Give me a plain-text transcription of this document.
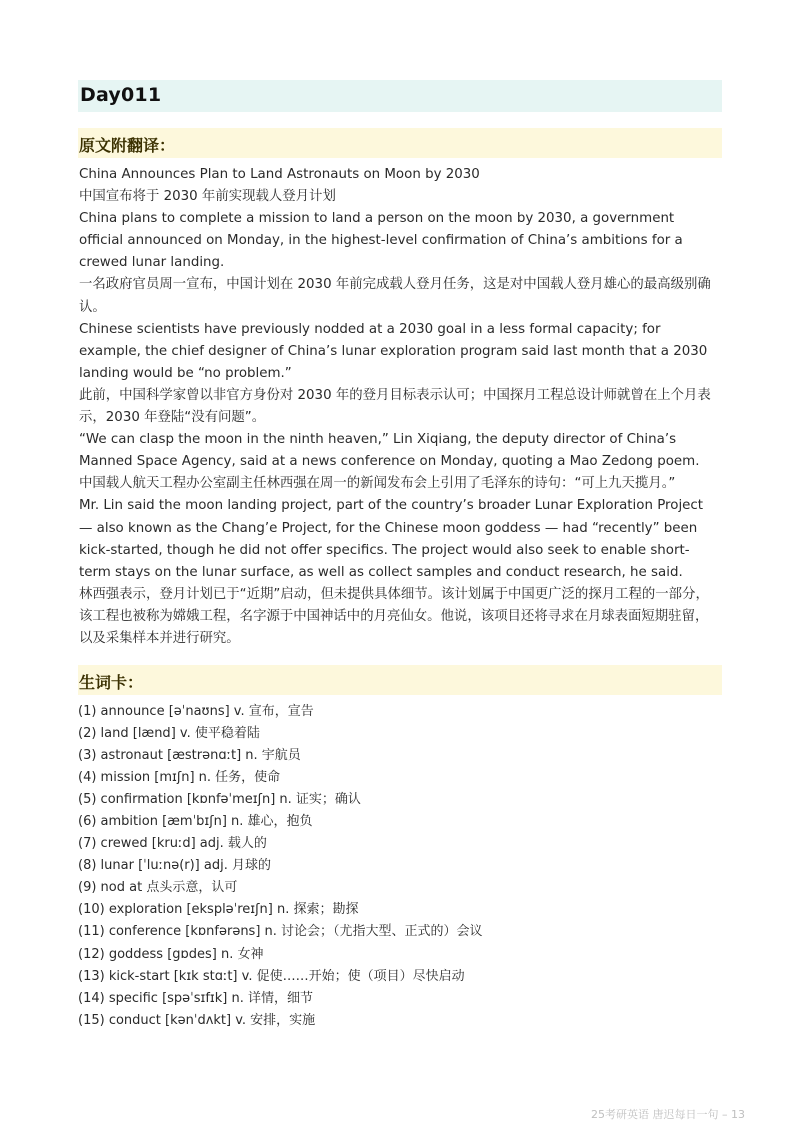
Day011
原文附翻译：

China Announces Plan to Land Astronauts on Moon by 2030

中国宣布将于 2030 年前实现载人登月计划

China plans to complete a mission to land a person on the moon by 2030, a government official announced on Monday, in the highest-level confirmation of China’s ambitions for a crewed lunar landing.

一名政府官员周一宣布，中国计划在 2030 年前完成载人登月任务，这是对中国载人登月雄心的最高级别确认。

Chinese scientists have previously nodded at a 2030 goal in a less formal capacity; for example, the chief designer of China’s lunar exploration program said last month that a 2030 landing would be “no problem.”

此前，中国科学家曾以非官方身份对 2030 年的登月目标表示认可；中国探月工程总设计师就曾在上个月表示，2030 年登陆“没有问题”。

“We can clasp the moon in the ninth heaven,” Lin Xiqiang, the deputy director of China’s Manned Space Agency, said at a news conference on Monday, quoting a Mao Zedong poem.

中国载人航天工程办公室副主任林西强在周一的新闻发布会上引用了毛泽东的诗句：“可上九天揽月。”

Mr. Lin said the moon landing project, part of the country’s broader Lunar Exploration Project — also known as the Chang’e Project, for the Chinese moon goddess — had “recently” been kick-started, though he did not offer specifics. The project would also seek to enable short-term stays on the lunar surface, as well as collect samples and conduct research, he said.

林西强表示，登月计划已于“近期”启动，但未提供具体细节。该计划属于中国更广泛的探月工程的一部分，该工程也被称为嫦娥工程，名字源于中国神话中的月亮仙女。他说，该项目还将寻求在月球表面短期驻留，以及采集样本并进行研究。

生词卡：
(1) announce [əˈnaʊns] v. 宣布，宣告
(2) land [lænd] v. 使平稳着陆
(3) astronaut [æstrənɑːt] n. 宇航员
(4) mission [mɪʃn] n. 任务，使命
(5) confirmation [kɒnfəˈmeɪʃn] n. 证实；确认
(6) ambition [æmˈbɪʃn] n. 雄心，抱负
(7) crewed [kruːd] adj. 载人的
(8) lunar [ˈluːnə(r)] adj. 月球的
(9) nod at 点头示意，认可
(10) exploration [ekspləˈreɪʃn] n. 探索；勘探
(11) conference [kɒnfərəns] n. 讨论会；（尤指大型、正式的）会议
(12) goddess [gɒdes] n. 女神
(13) kick-start [kɪk stɑːt] v. 促使……开始；使（项目）尽快启动
(14) specific [spəˈsɪfɪk] n. 详情，细节
(15) conduct [kənˈdʌkt] v. 安排，实施
25考研英语 唐迟每日一句 – 13
